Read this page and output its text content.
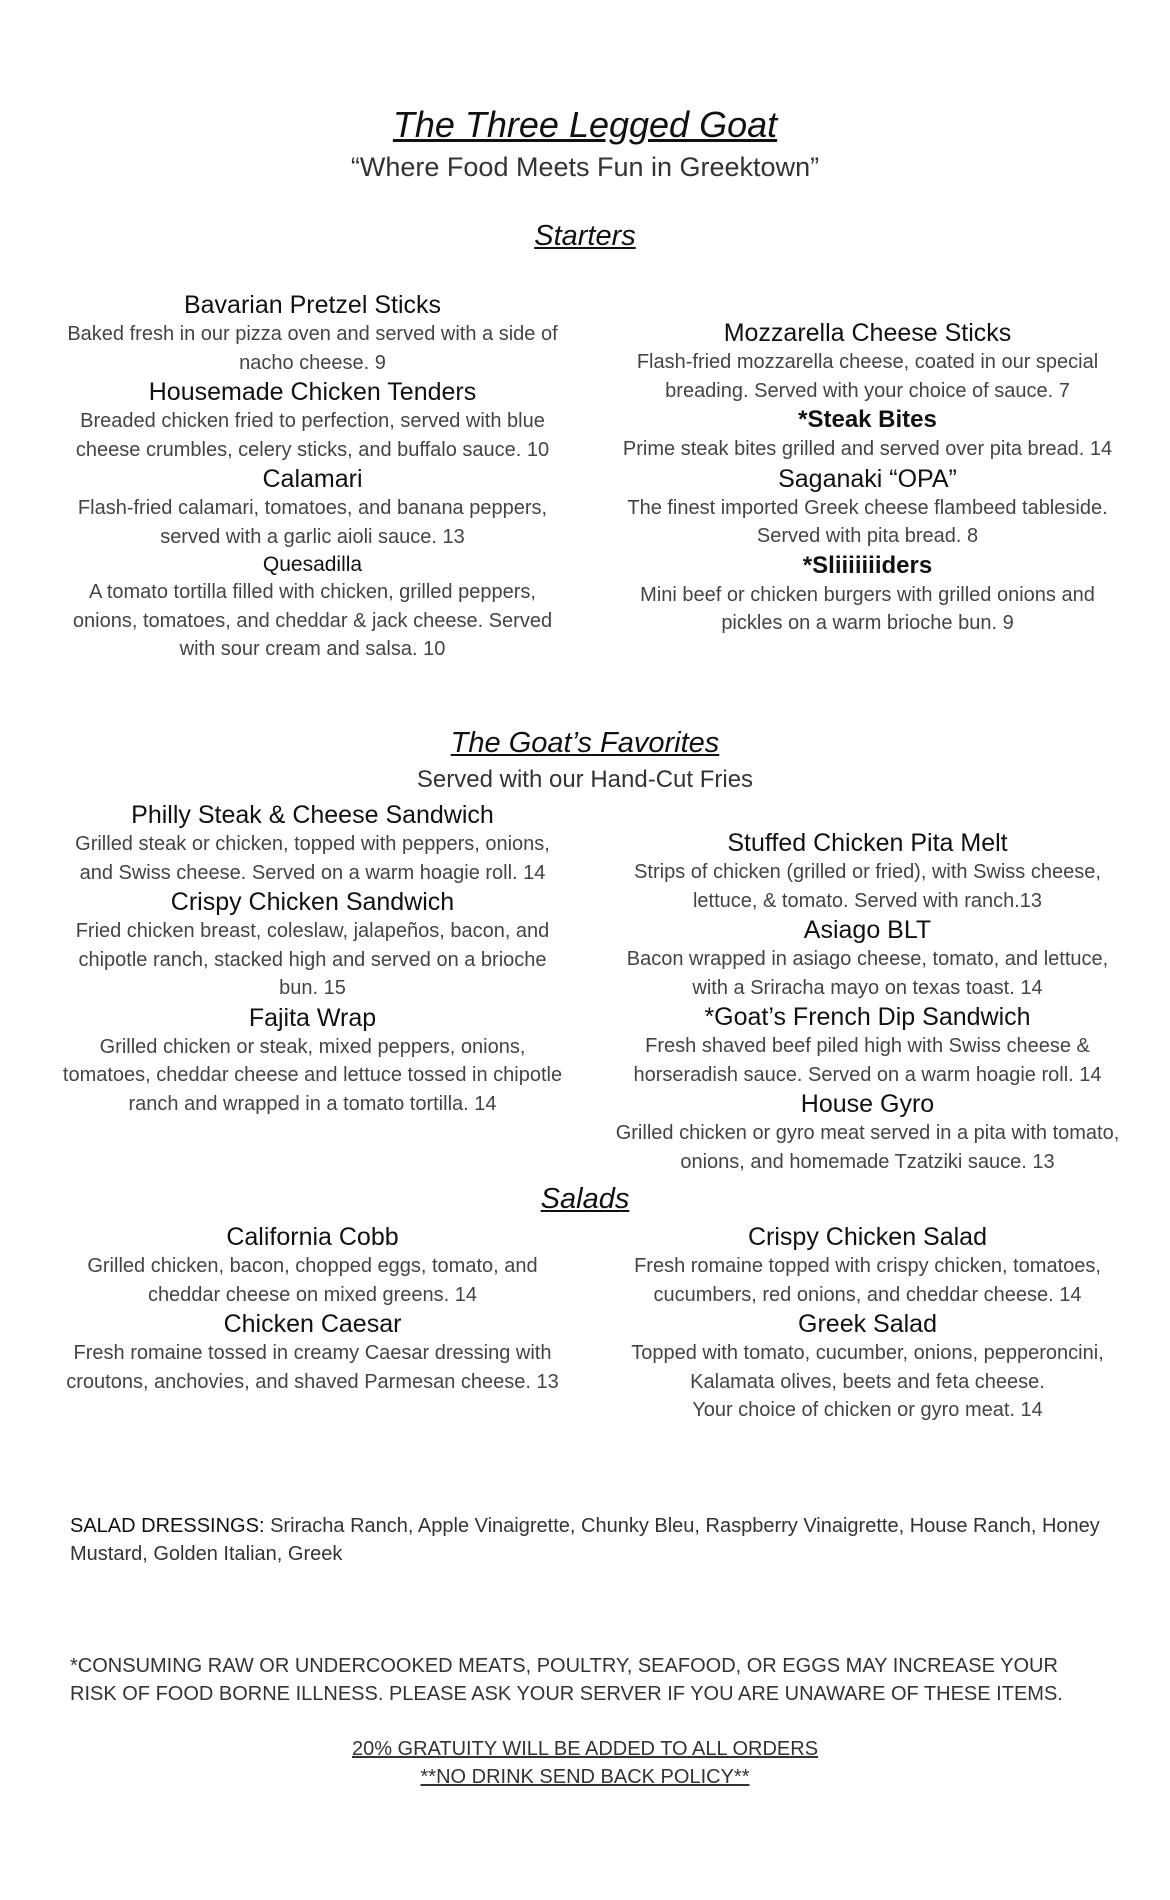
The Three Legged Goat
“Where Food Meets Fun in Greektown”
Starters

Bavarian Pretzel Sticks

Baked fresh in our pizza oven and served with a side of nacho cheese. 9

Housemade Chicken Tenders

Breaded chicken fried to perfection, served with blue cheese crumbles, celery sticks, and buffalo sauce. 10

Calamari

Flash-fried calamari, tomatoes, and banana peppers, served with a garlic aioli sauce. 13

Quesadilla

A tomato tortilla filled with chicken, grilled peppers, onions, tomatoes, and cheddar & jack cheese. Served with sour cream and salsa. 10

Mozzarella Cheese Sticks

Flash-fried mozzarella cheese, coated in our special breading. Served with your choice of sauce. 7

*Steak Bites

Prime steak bites grilled and served over pita bread. 14

Saganaki “OPA”

The finest imported Greek cheese flambeed tableside. Served with pita bread. 8

*Sliiiiiiiders

Mini beef or chicken burgers with grilled onions and pickles on a warm brioche bun. 9

The Goat’s Favorites
Served with our Hand-Cut Fries

Philly Steak & Cheese Sandwich

Grilled steak or chicken, topped with peppers, onions, and Swiss cheese. Served on a warm hoagie roll. 14

Crispy Chicken Sandwich

Fried chicken breast, coleslaw, jalapeños, bacon, and chipotle ranch, stacked high and served on a brioche bun. 15

Fajita Wrap

Grilled chicken or steak, mixed peppers, onions, tomatoes, cheddar cheese and lettuce tossed in chipotle ranch and wrapped in a tomato tortilla. 14

Stuffed Chicken Pita Melt

Strips of chicken (grilled or fried), with Swiss cheese, lettuce, & tomato. Served with ranch.13

Asiago BLT

Bacon wrapped in asiago cheese, tomato, and lettuce, with a Sriracha mayo on texas toast. 14

*Goat’s French Dip Sandwich

Fresh shaved beef piled high with Swiss cheese & horseradish sauce. Served on a warm hoagie roll. 14

House Gyro

Grilled chicken or gyro meat served in a pita with tomato, onions, and homemade Tzatziki sauce. 13

Salads

California Cobb

Grilled chicken, bacon, chopped eggs, tomato, and cheddar cheese on mixed greens. 14

Chicken Caesar

Fresh romaine tossed in creamy Caesar dressing with croutons, anchovies, and shaved Parmesan cheese. 13

Crispy Chicken Salad

Fresh romaine topped with crispy chicken, tomatoes, cucumbers, red onions, and cheddar cheese. 14

Greek Salad

Topped with tomato, cucumber, onions, pepperoncini, Kalamata olives, beets and feta cheese.

Your choice of chicken or gyro meat. 14

SALAD DRESSINGS: Sriracha Ranch, Apple Vinaigrette, Chunky Bleu, Raspberry Vinaigrette, House Ranch, Honey Mustard, Golden Italian, Greek
*CONSUMING RAW OR UNDERCOOKED MEATS, POULTRY, SEAFOOD, OR EGGS MAY INCREASE YOUR RISK OF FOOD BORNE ILLNESS. PLEASE ASK YOUR SERVER IF YOU ARE UNAWARE OF THESE ITEMS.
20% GRATUITY WILL BE ADDED TO ALL ORDERS
**NO DRINK SEND BACK POLICY**
